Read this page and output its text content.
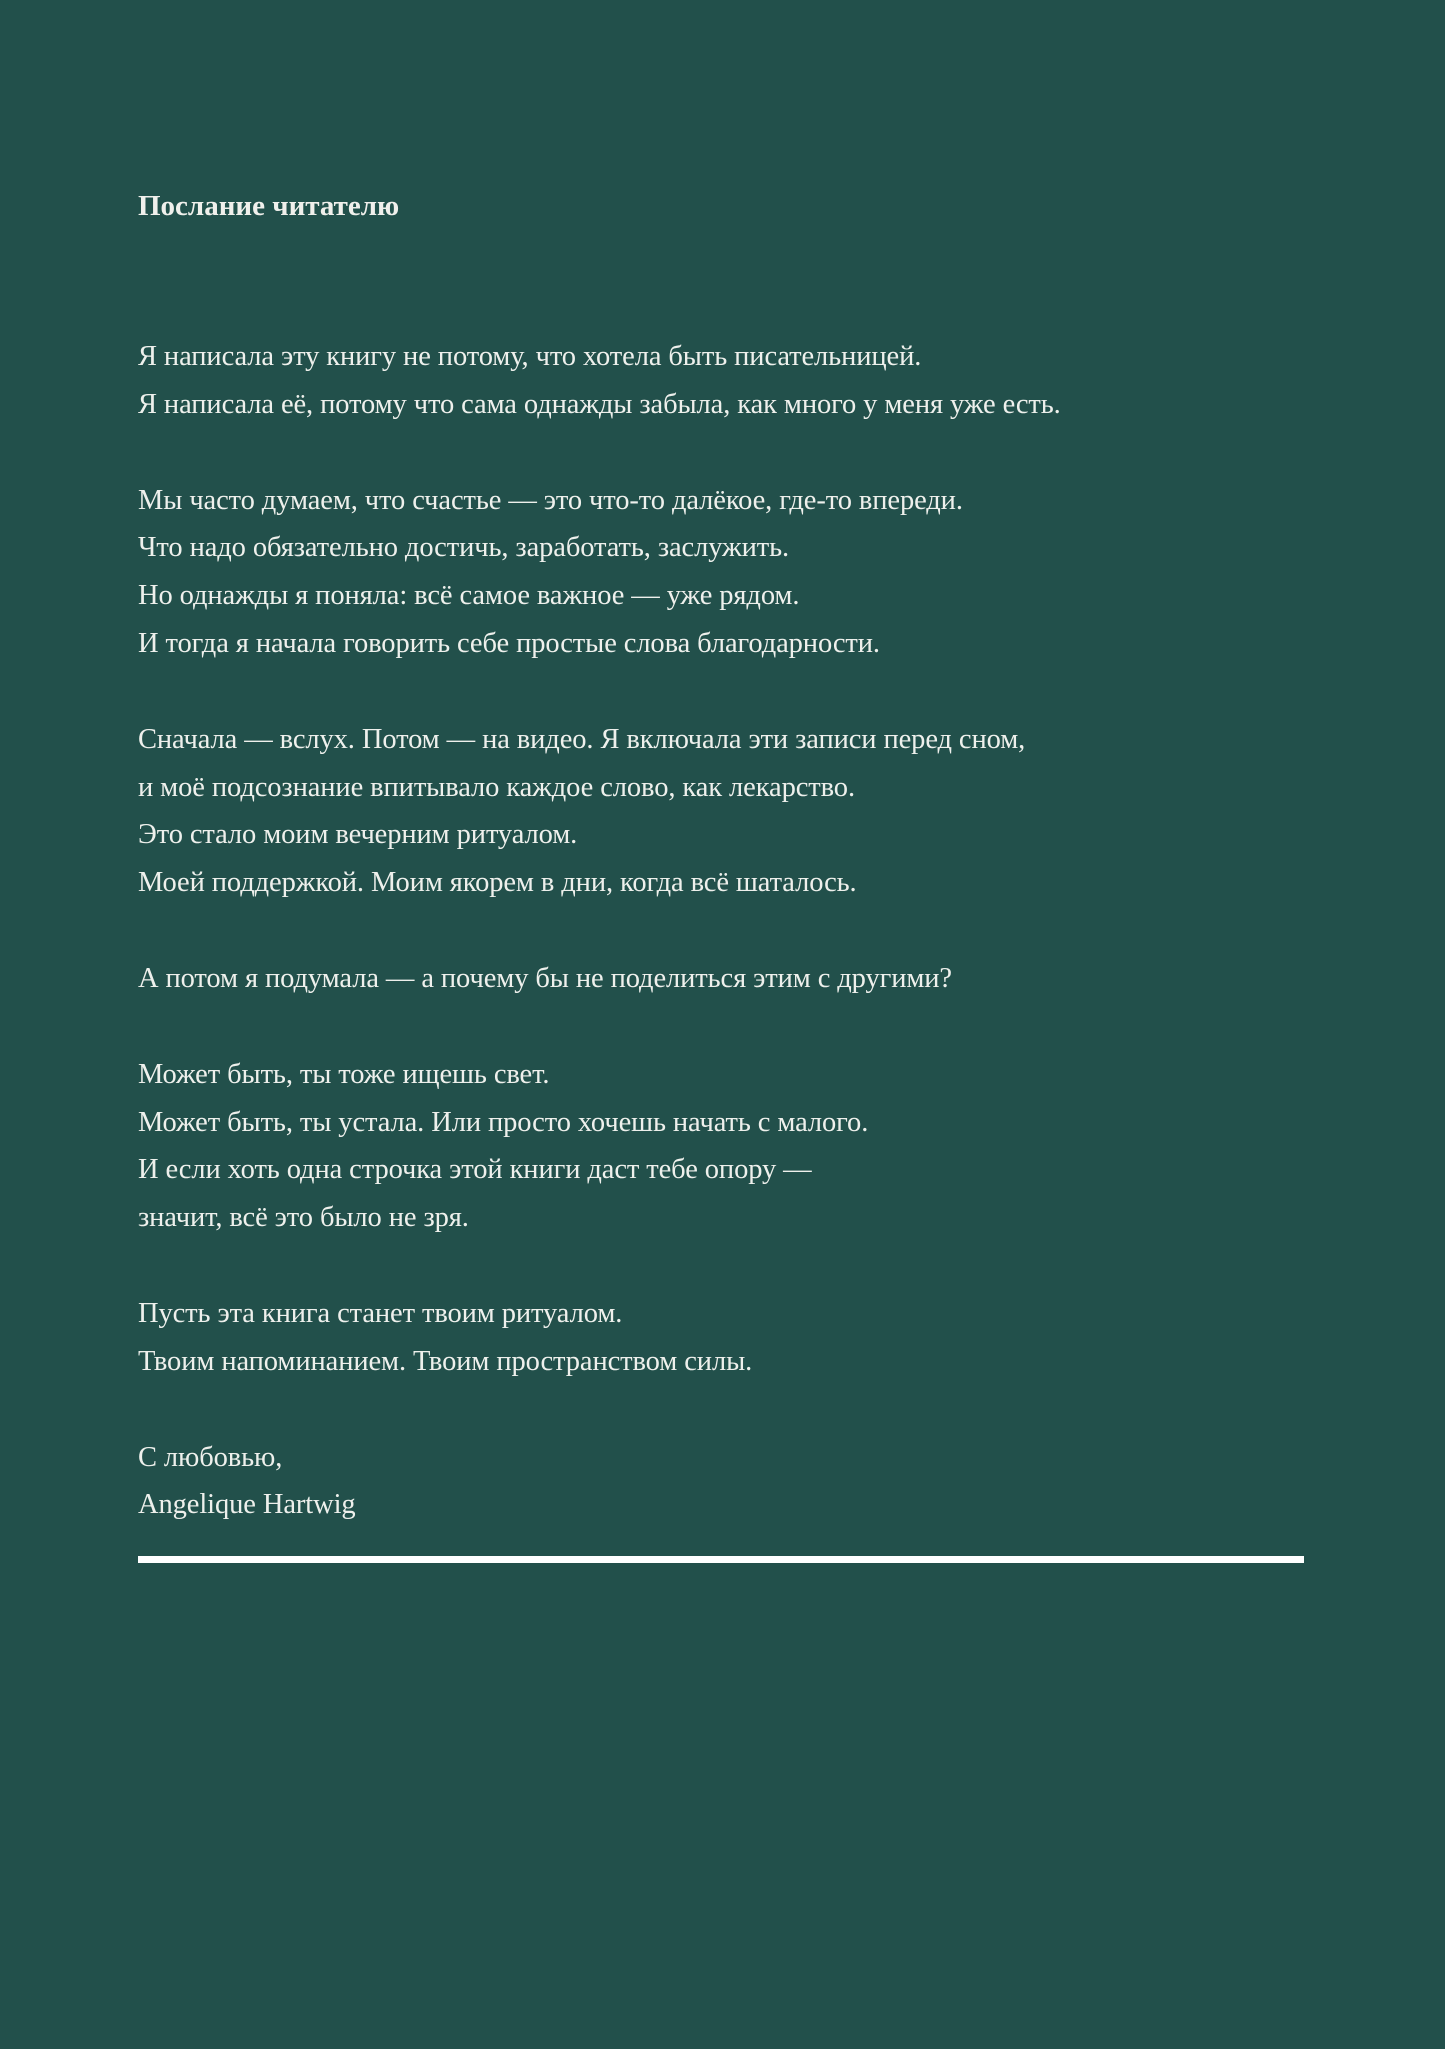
Послание читателю

Я написала эту книгу не потому, что хотела быть писательницей.
Я написала её, потому что сама однажды забыла, как много у меня уже есть.

Мы часто думаем, что счастье — это что-то далёкое, где-то впереди.
Что надо обязательно достичь, заработать, заслужить.
Но однажды я поняла: всё самое важное — уже рядом.
И тогда я начала говорить себе простые слова благодарности.

Сначала — вслух. Потом — на видео. Я включала эти записи перед сном,
и моё подсознание впитывало каждое слово, как лекарство.
Это стало моим вечерним ритуалом.
Моей поддержкой. Моим якорем в дни, когда всё шаталось.

А потом я подумала — а почему бы не поделиться этим с другими?

Может быть, ты тоже ищешь свет.
Может быть, ты устала. Или просто хочешь начать с малого.
И если хоть одна строчка этой книги даст тебе опору —
значит, всё это было не зря.

Пусть эта книга станет твоим ритуалом.
Твоим напоминанием. Твоим пространством силы.

С любовью,
Angelique Hartwig
